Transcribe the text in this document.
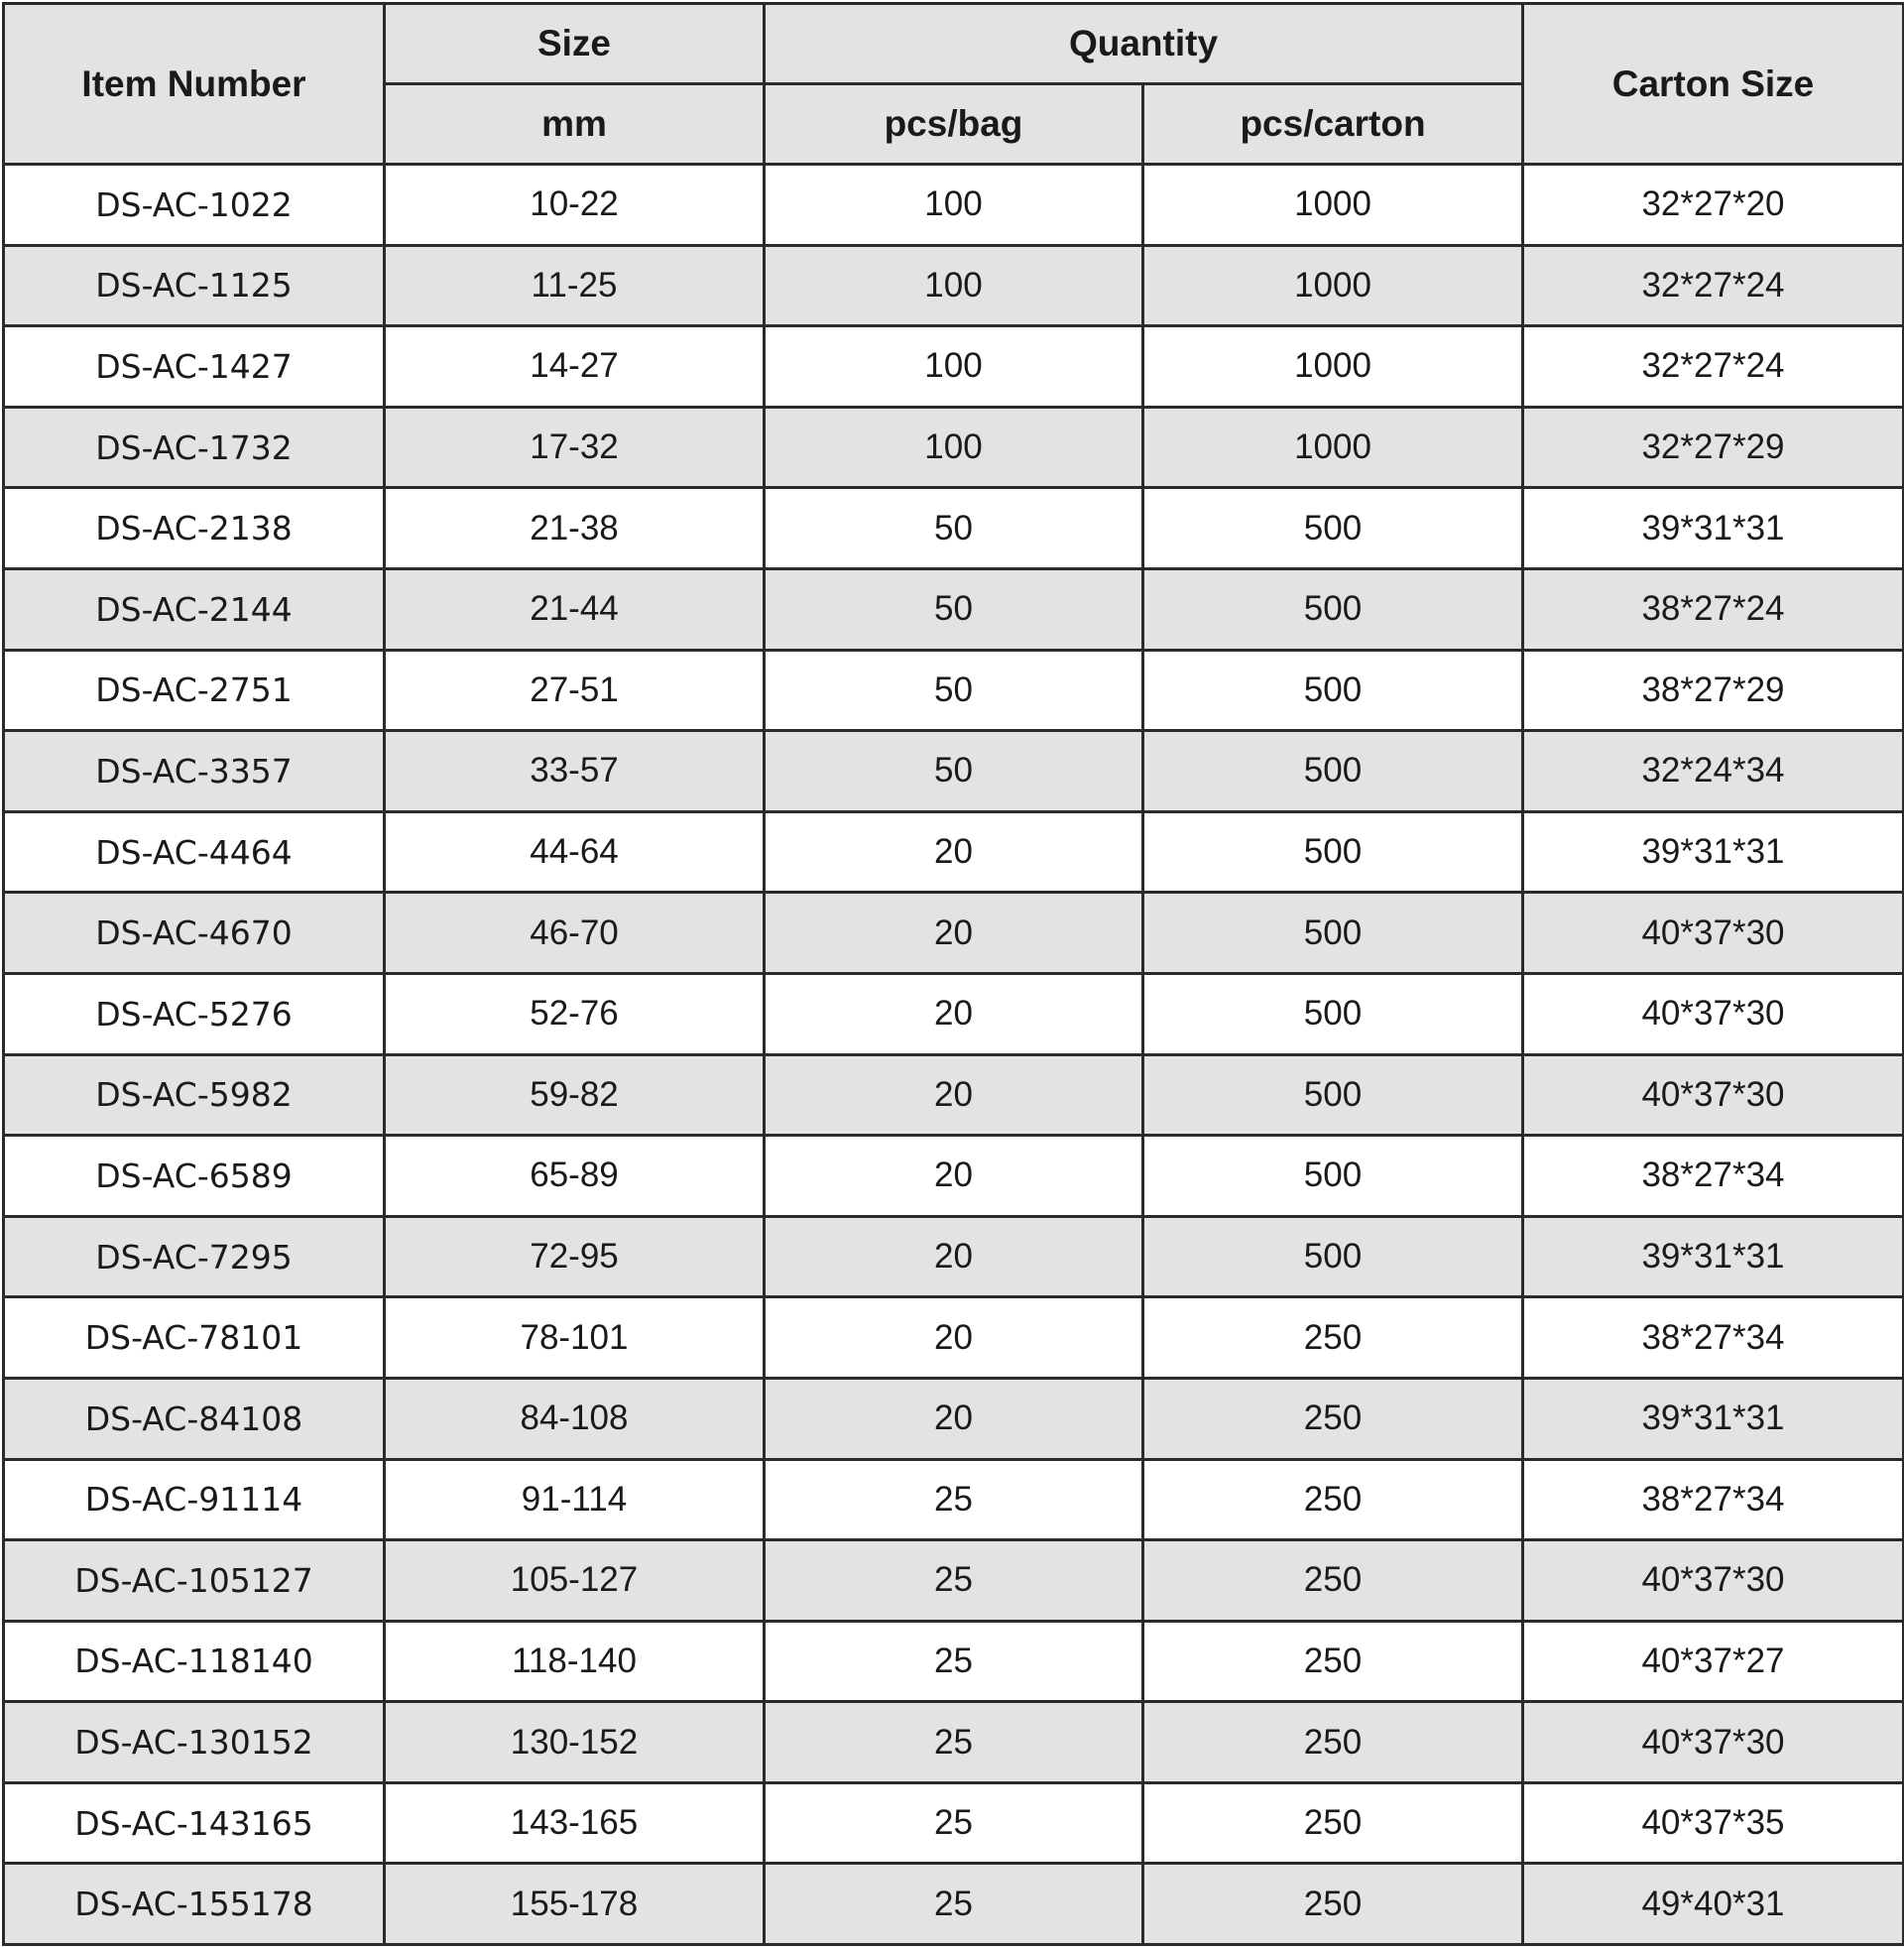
Item Number	Size	Quantity		Carton Size
	mm	pcs/bag	pcs/carton	
DS-AC-1022	10-22	100	1000	32*27*20
DS-AC-1125	11-25	100	1000	32*27*24
DS-AC-1427	14-27	100	1000	32*27*24
DS-AC-1732	17-32	100	1000	32*27*29
DS-AC-2138	21-38	50	500	39*31*31
DS-AC-2144	21-44	50	500	38*27*24
DS-AC-2751	27-51	50	500	38*27*29
DS-AC-3357	33-57	50	500	32*24*34
DS-AC-4464	44-64	20	500	39*31*31
DS-AC-4670	46-70	20	500	40*37*30
DS-AC-5276	52-76	20	500	40*37*30
DS-AC-5982	59-82	20	500	40*37*30
DS-AC-6589	65-89	20	500	38*27*34
DS-AC-7295	72-95	20	500	39*31*31
DS-AC-78101	78-101	20	250	38*27*34
DS-AC-84108	84-108	20	250	39*31*31
DS-AC-91114	91-114	25	250	38*27*34
DS-AC-105127	105-127	25	250	40*37*30
DS-AC-118140	118-140	25	250	40*37*27
DS-AC-130152	130-152	25	250	40*37*30
DS-AC-143165	143-165	25	250	40*37*35
DS-AC-155178	155-178	25	250	49*40*31
